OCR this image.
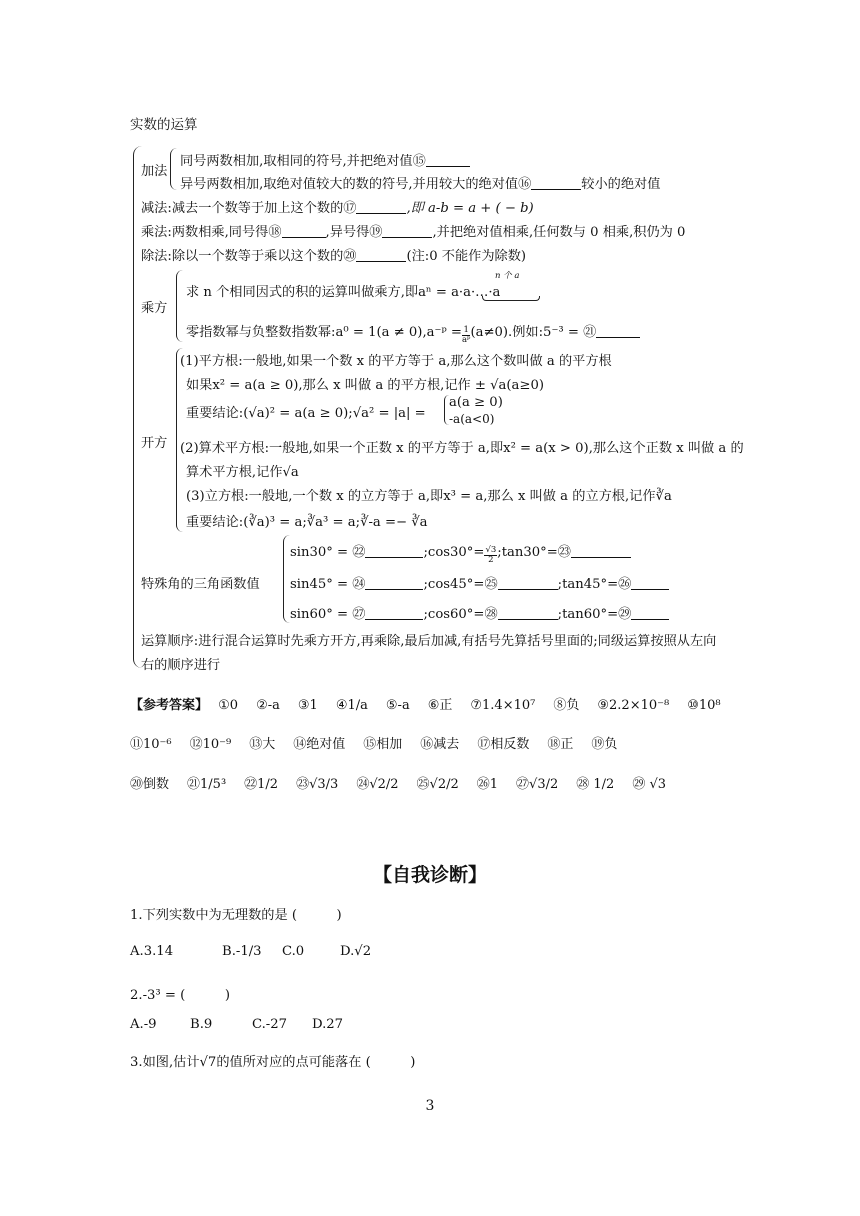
实数的运算
加法
同号两数相加,取相同的符号,并把绝对值⑮
异号两数相加,取绝对值较大的数的符号,并用较大的绝对值⑯	较小的绝对值
减法:减去一个数等于加上这个数的⑰	,即 a-b = a + ( − b)
乘法:两数相乘,同号得⑱	,异号得⑲	,并把绝对值相乘,任何数与 0 相乘,积仍为 0
除法:除以一个数等于乘以这个数的⑳	(注:0 不能作为除数)
乘方
n 个 a
求 n 个相同因式的积的运算叫做乘方,即aⁿ = a·a·…·a
零指数幂与负整数指数幂:a⁰ = 1(a ≠ 0),a⁻ᵖ = $\frac{1}{\text{aᵖ}} (a\ne 0)$.例如:5⁻³ = ㉑
开方
(1)平方根:一般地,如果一个数 x 的平方等于 a,那么这个数叫做 a 的平方根
如果x² = a(a ≥ 0),那么 x 叫做 a 的平方根,记作 ± √a(a≥0)
重要结论:(√a)² = a(a ≥ 0);√a² = |a| =
a(a ≥ 0)
-a(a<0)
(2)算术平方根:一般地,如果一个正数 x 的平方等于 a,即x² = a(x > 0),那么这个正数 x 叫做 a 的
算术平方根,记作√a
(3)立方根:一般地,一个数 x 的立方等于 a,即x³ = a,那么 x 叫做 a 的立方根,记作∛a
重要结论:(∛a)³ = a;∛a³ = a;∛-a =− ∛a
特殊角的三角函数值
sin30° = ㉒	;cos30°= $\frac{√3}{2}$ ;tan30°=㉓
sin45° = ㉔	;cos45°=㉕	;tan45°=㉖
sin60° = ㉗	;cos60°=㉘	;tan60°=㉙
运算顺序:进行混合运算时先乘方开方,再乘除,最后加减,有括号先算括号里面的;同级运算按照从左向
右的顺序进行
【参考答案】 ①0 ②-a ③1 ④1/a ⑤-a ⑥正 ⑦1.4×10⁷ ⑧负 ⑨2.2×10⁻⁸ ⑩10⁸
⑪10⁻⁶ ⑫10⁻⁹ ⑬大 ⑭绝对值 ⑮相加 ⑯减去 ⑰相反数 ⑱正 ⑲负
⑳倒数 ㉑1/5³ ㉒1/2 ㉓√3/3 ㉔√2/2 ㉕√2/2 ㉖1 ㉗√3/2 ㉘ 1/2 ㉙ √3
【自我诊断】
1.下列实数中为无理数的是 (　　　)
A.3.14	B.-1/3 C.0	D.√2
2.-3³ = (　　　)
A.-9	B.9	C.-27 D.27
3.如图,估计√7的值所对应的点可能落在 (　　　)
3
